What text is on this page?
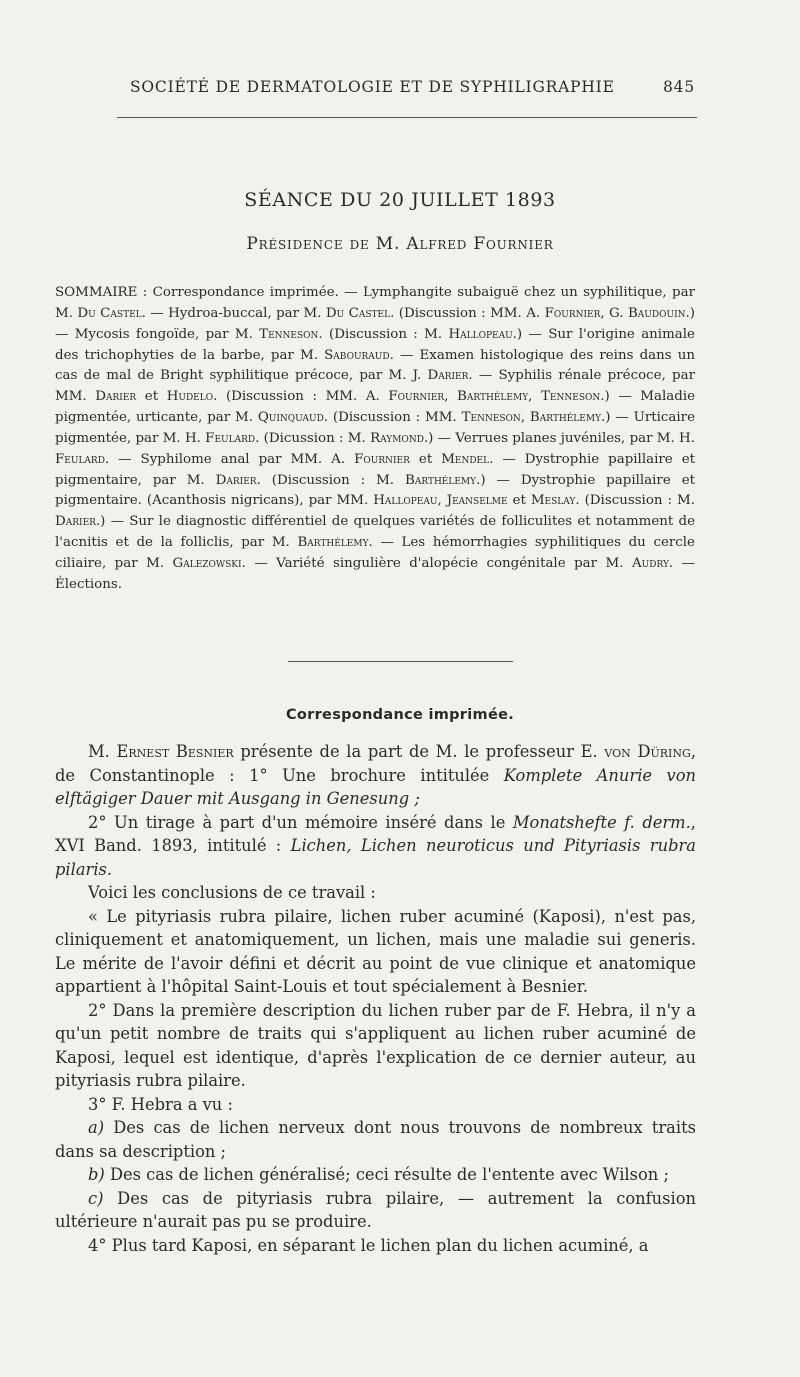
SOCIÉTÉ DE DERMATOLOGIE ET DE SYPHILIGRAPHIE	845
SÉANCE DU 20 JUILLET 1893
Présidence de M. Alfred Fournier
SOMMAIRE : Correspondance imprimée. — Lymphangite subaiguë chez un syphilitique, par M. Du Castel. — Hydroa-buccal, par M. Du Castel. (Discussion : MM. A. Fournier, G. Baudouin.) — Mycosis fongoïde, par M. Tenneson. (Discussion : M. Hallopeau.) — Sur l'origine animale des trichophyties de la barbe, par M. Sabouraud. — Examen histologique des reins dans un cas de mal de Bright syphilitique précoce, par M. J. Darier. — Syphilis rénale précoce, par MM. Darier et Hudelo. (Discussion : MM. A. Fournier, Barthélemy, Tenneson.) — Maladie pigmentée, urticante, par M. Quinquaud. (Discussion : MM. Tenneson, Barthélemy.) — Urticaire pigmentée, par M. H. Feulard. (Dicussion : M. Raymond.) — Verrues planes juvéniles, par M. H. Feulard. — Syphilome anal par MM. A. Fournier et Mendel. — Dystrophie papillaire et pigmentaire, par M. Darier. (Discussion : M. Barthélemy.) — Dystrophie papillaire et pigmentaire. (Acanthosis nigricans), par MM. Hallopeau, Jeanselme et Meslay. (Discussion : M. Darier.) — Sur le diagnostic différentiel de quelques variétés de folliculites et notamment de l'acnitis et de la folliclis, par M. Barthélemy. — Les hémorrhagies syphilitiques du cercle ciliaire, par M. Galezowski. — Variété singulière d'alopécie congénitale par M. Audry. — Élections.
Correspondance imprimée.

M. Ernest Besnier présente de la part de M. le professeur E. von Düring, de Constantinople : 1° Une brochure intitulée Komplete Anurie von elftägiger Dauer mit Ausgang in Genesung ;

2° Un tirage à part d'un mémoire inséré dans le Monatshefte f. derm., XVI Band. 1893, intitulé : Lichen, Lichen neuroticus und Pityriasis rubra pilaris.

Voici les conclusions de ce travail :

« Le pityriasis rubra pilaire, lichen ruber acuminé (Kaposi), n'est pas, cliniquement et anatomiquement, un lichen, mais une maladie sui generis. Le mérite de l'avoir défini et décrit au point de vue clinique et anatomique appartient à l'hôpital Saint-Louis et tout spécialement à Besnier.

2° Dans la première description du lichen ruber par de F. Hebra, il n'y a qu'un petit nombre de traits qui s'appliquent au lichen ruber acuminé de Kaposi, lequel est identique, d'après l'explication de ce dernier auteur, au pityriasis rubra pilaire.

3° F. Hebra a vu :

a) Des cas de lichen nerveux dont nous trouvons de nombreux traits dans sa description ;

b) Des cas de lichen généralisé; ceci résulte de l'entente avec Wilson ;

c) Des cas de pityriasis rubra pilaire, — autrement la confusion ultérieure n'aurait pas pu se produire.

4° Plus tard Kaposi, en séparant le lichen plan du lichen acuminé, a
